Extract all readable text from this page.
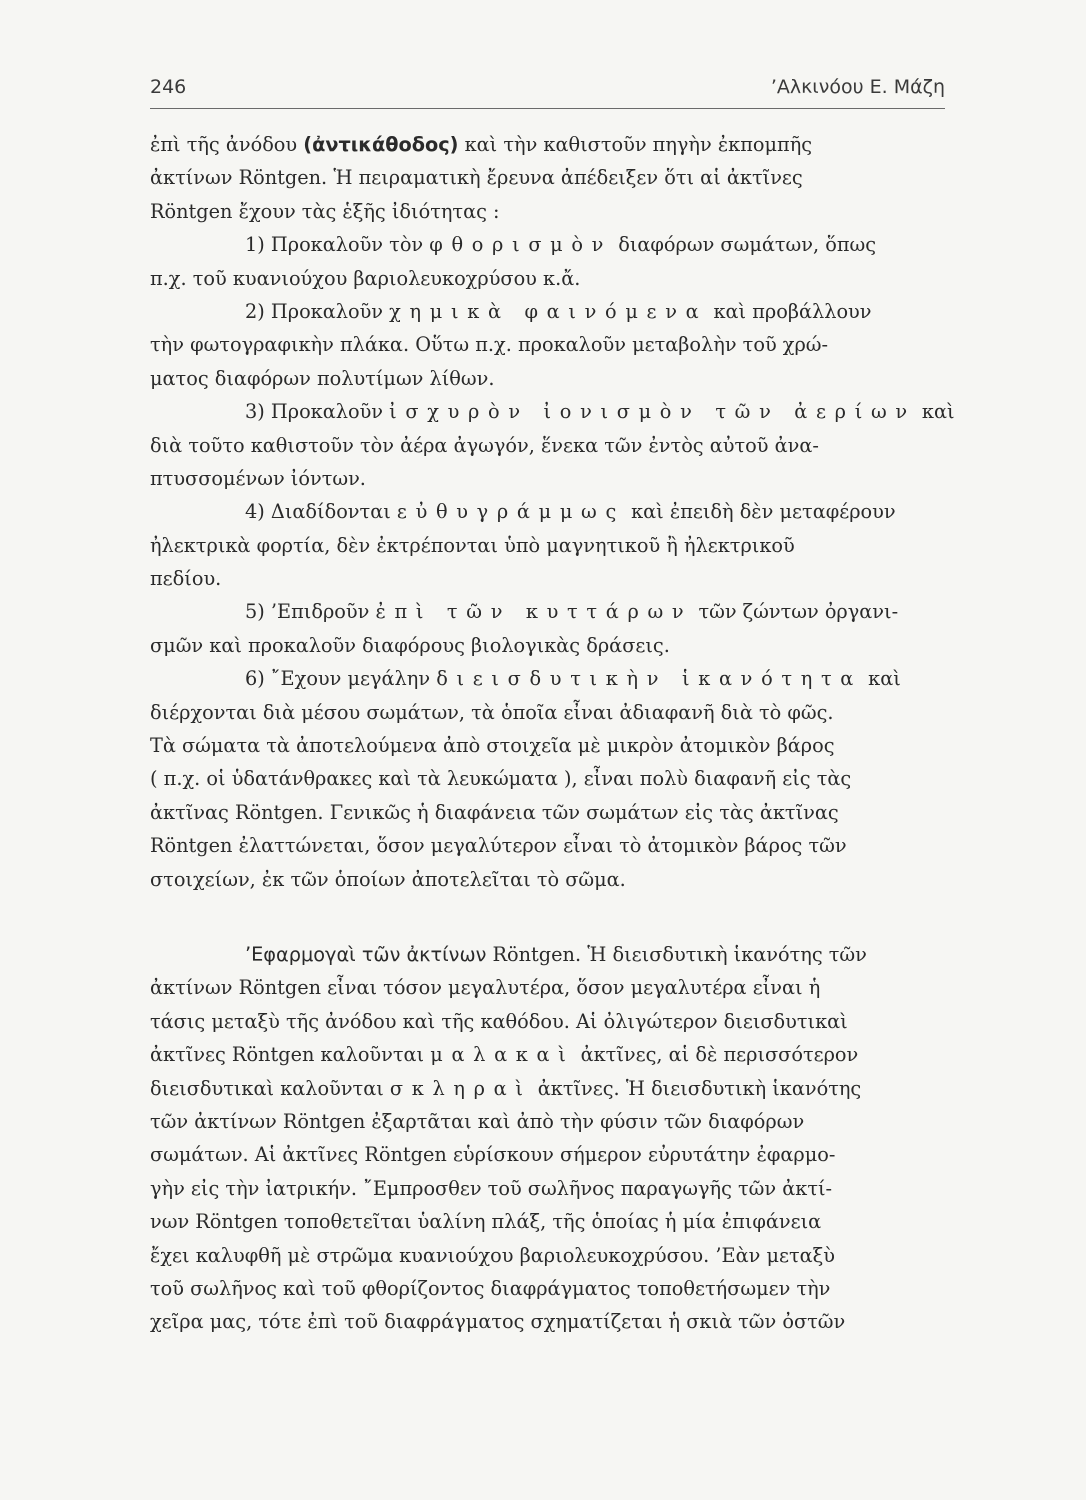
246	’Αλκινόου Ε. Μάζη
ἐπὶ τῆς ἀνόδου (ἀντικάθοδος) καὶ τὴν καθιστοῦν πηγὴν ἐκπομπῆς
ἀκτίνων Röntgen. Ἡ πειραματικὴ ἔρευνα ἀπέδειξεν ὅτι αἱ ἀκτῖνες
Röntgen ἔχουν τὰς ἑξῆς ἰδιότητας :
1) Προκαλοῦν τὸν φθορισμὸν διαφόρων σωμάτων, ὅπως
π.χ. τοῦ κυανιούχου βαριολευκοχρύσου κ.ἄ.
2) Προκαλοῦν χημικὰ φαινόμενα καὶ προβάλλουν
τὴν φωτογραφικὴν πλάκα. Οὕτω π.χ. προκαλοῦν μεταβολὴν τοῦ χρώ-
ματος διαφόρων πολυτίμων λίθων.
3) Προκαλοῦν ἰσχυρὸν ἰονισμὸν τῶν ἀερίων καὶ
διὰ τοῦτο καθιστοῦν τὸν ἀέρα ἀγωγόν, ἕνεκα τῶν ἐντὸς αὐτοῦ ἀνα-
πτυσσομένων ἰόντων.
4) Διαδίδονται εὐθυγράμμως καὶ ἐπειδὴ δὲν μεταφέρουν
ἠλεκτρικὰ φορτία, δὲν ἐκτρέπονται ὑπὸ μαγνητικοῦ ἢ ἠλεκτρικοῦ
πεδίου.
5) ’Επιδροῦν ἐπὶ τῶν κυττάρων τῶν ζώντων ὀργανι-
σμῶν καὶ προκαλοῦν διαφόρους βιολογικὰς δράσεις.
6) ῎Εχουν μεγάλην διεισδυτικὴν ἱκανότητα καὶ
διέρχονται διὰ μέσου σωμάτων, τὰ ὁποῖα εἶναι ἀδιαφανῆ διὰ τὸ φῶς.
Τὰ σώματα τὰ ἀποτελούμενα ἀπὸ στοιχεῖα μὲ μικρὸν ἀτομικὸν βάρος
( π.χ. οἱ ὑδατάνθρακες καὶ τὰ λευκώματα ), εἶναι πολὺ διαφανῆ εἰς τὰς
ἀκτῖνας Röntgen. Γενικῶς ἡ διαφάνεια τῶν σωμάτων εἰς τὰς ἀκτῖνας
Röntgen ἐλαττώνεται, ὅσον μεγαλύτερον εἶναι τὸ ἀτομικὸν βάρος τῶν
στοιχείων, ἐκ τῶν ὁποίων ἀποτελεῖται τὸ σῶμα.
’Εφαρμογαὶ τῶν ἀκτίνων Röntgen. Ἡ διεισδυτικὴ ἱκανότης τῶν
ἀκτίνων Röntgen εἶναι τόσον μεγαλυτέρα, ὅσον μεγαλυτέρα εἶναι ἡ
τάσις μεταξὺ τῆς ἀνόδου καὶ τῆς καθόδου. Αἱ ὀλιγώτερον διεισδυτικαὶ
ἀκτῖνες Röntgen καλοῦνται μαλακαὶ ἀκτῖνες, αἱ δὲ περισσότερον
διεισδυτικαὶ καλοῦνται σκληραὶ ἀκτῖνες. Ἡ διεισδυτικὴ ἱκανότης
τῶν ἀκτίνων Röntgen ἐξαρτᾶται καὶ ἀπὸ τὴν φύσιν τῶν διαφόρων
σωμάτων. Αἱ ἀκτῖνες Röntgen εὑρίσκουν σήμερον εὐρυτάτην ἐφαρμο-
γὴν εἰς τὴν ἰατρικήν. ῎Εμπροσθεν τοῦ σωλῆνος παραγωγῆς τῶν ἀκτί-
νων Röntgen τοποθετεῖται ὑαλίνη πλάξ, τῆς ὁποίας ἡ μία ἐπιφάνεια
ἔχει καλυφθῆ μὲ στρῶμα κυανιούχου βαριολευκοχρύσου. ’Εὰν μεταξὺ
τοῦ σωλῆνος καὶ τοῦ φθορίζοντος διαφράγματος τοποθετήσωμεν τὴν
χεῖρα μας, τότε ἐπὶ τοῦ διαφράγματος σχηματίζεται ἡ σκιὰ τῶν ὀστῶν
